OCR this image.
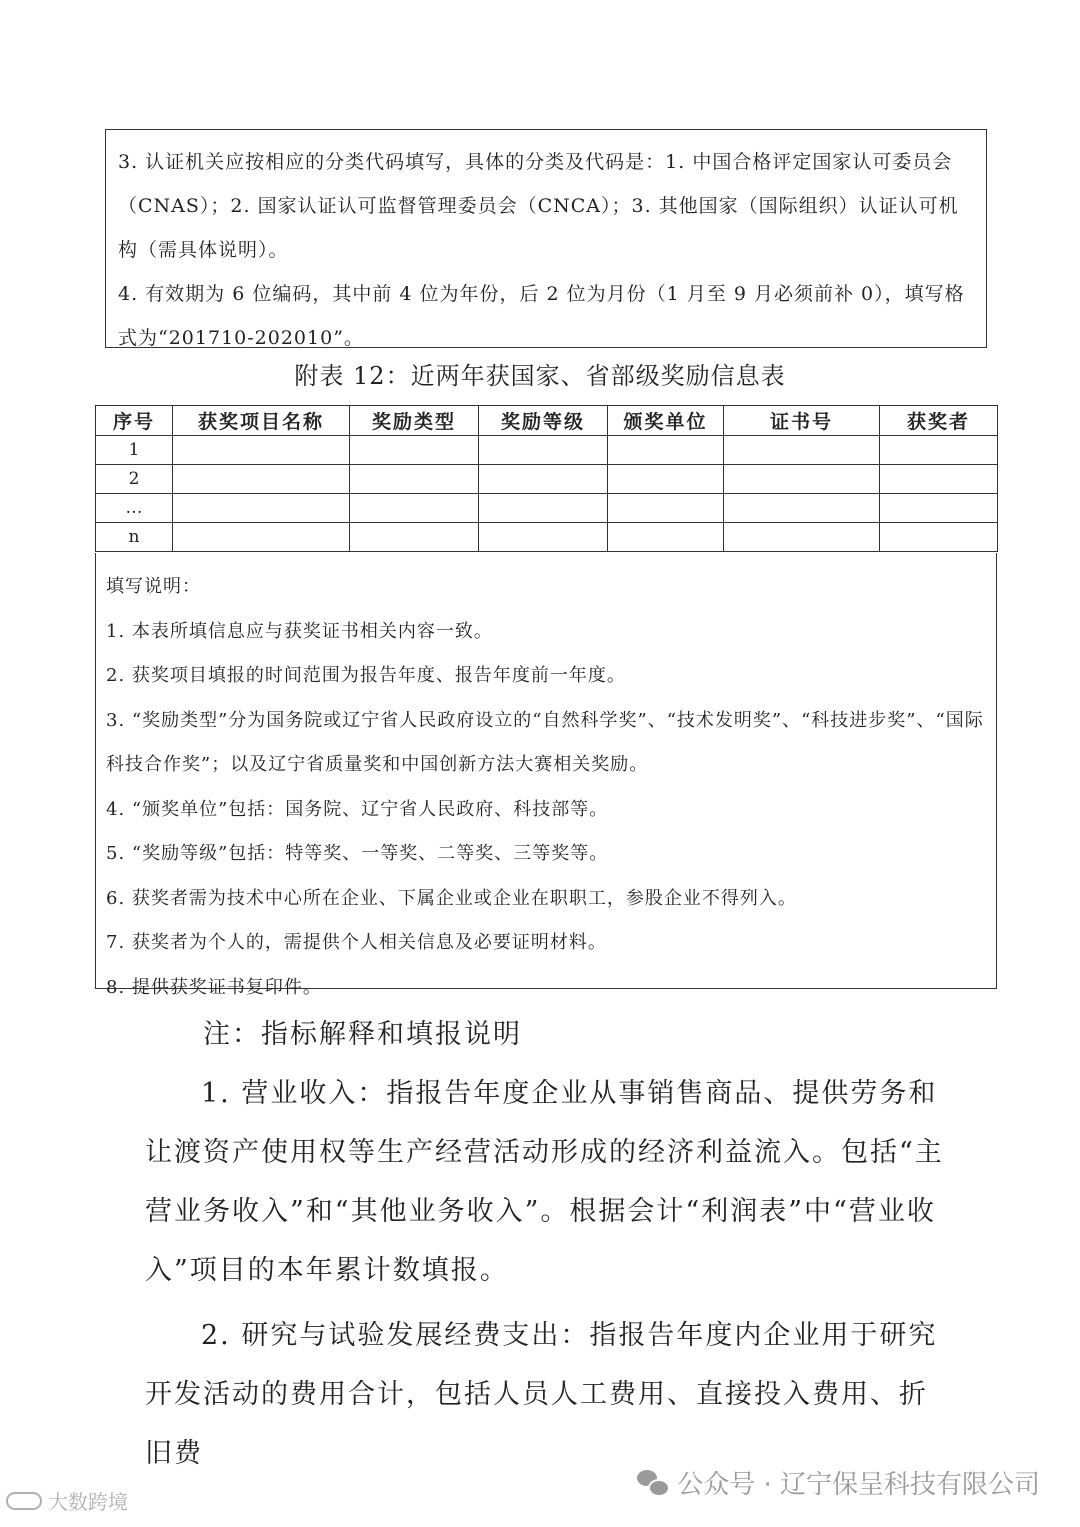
3. 认证机关应按相应的分类代码填写，具体的分类及代码是：1. 中国合格评定国家认可委员会（CNAS）；2. 国家认证认可监督管理委员会（CNCA）；3. 其他国家（国际组织）认证认可机构（需具体说明）。

4. 有效期为 6 位编码，其中前 4 位为年份，后 2 位为月份（1 月至 9 月必须前补 0），填写格式为“201710-202010”。

附表 12：近两年获国家、省部级奖励信息表
序号	获奖项目名称	奖励类型	奖励等级	颁奖单位	证书号	获奖者
1						
2						
…						
n						

填写说明：

1. 本表所填信息应与获奖证书相关内容一致。

2. 获奖项目填报的时间范围为报告年度、报告年度前一年度。

3. “奖励类型”分为国务院或辽宁省人民政府设立的“自然科学奖”、“技术发明奖”、“科技进步奖”、“国际科技合作奖”；以及辽宁省质量奖和中国创新方法大赛相关奖励。

4. “颁奖单位”包括：国务院、辽宁省人民政府、科技部等。

5. “奖励等级”包括：特等奖、一等奖、二等奖、三等奖等。

6. 获奖者需为技术中心所在企业、下属企业或企业在职职工，参股企业不得列入。

7. 获奖者为个人的，需提供个人相关信息及必要证明材料。

8. 提供获奖证书复印件。

注：指标解释和填报说明

1. 营业收入：指报告年度企业从事销售商品、提供劳务和让渡资产使用权等生产经营活动形成的经济利益流入。包括“主营业务收入”和“其他业务收入”。根据会计“利润表”中“营业收入”项目的本年累计数填报。

2. 研究与试验发展经费支出：指报告年度内企业用于研究开发活动的费用合计，包括人员人工费用、直接投入费用、折旧费

大数跨境
公众号 · 辽宁保呈科技有限公司
